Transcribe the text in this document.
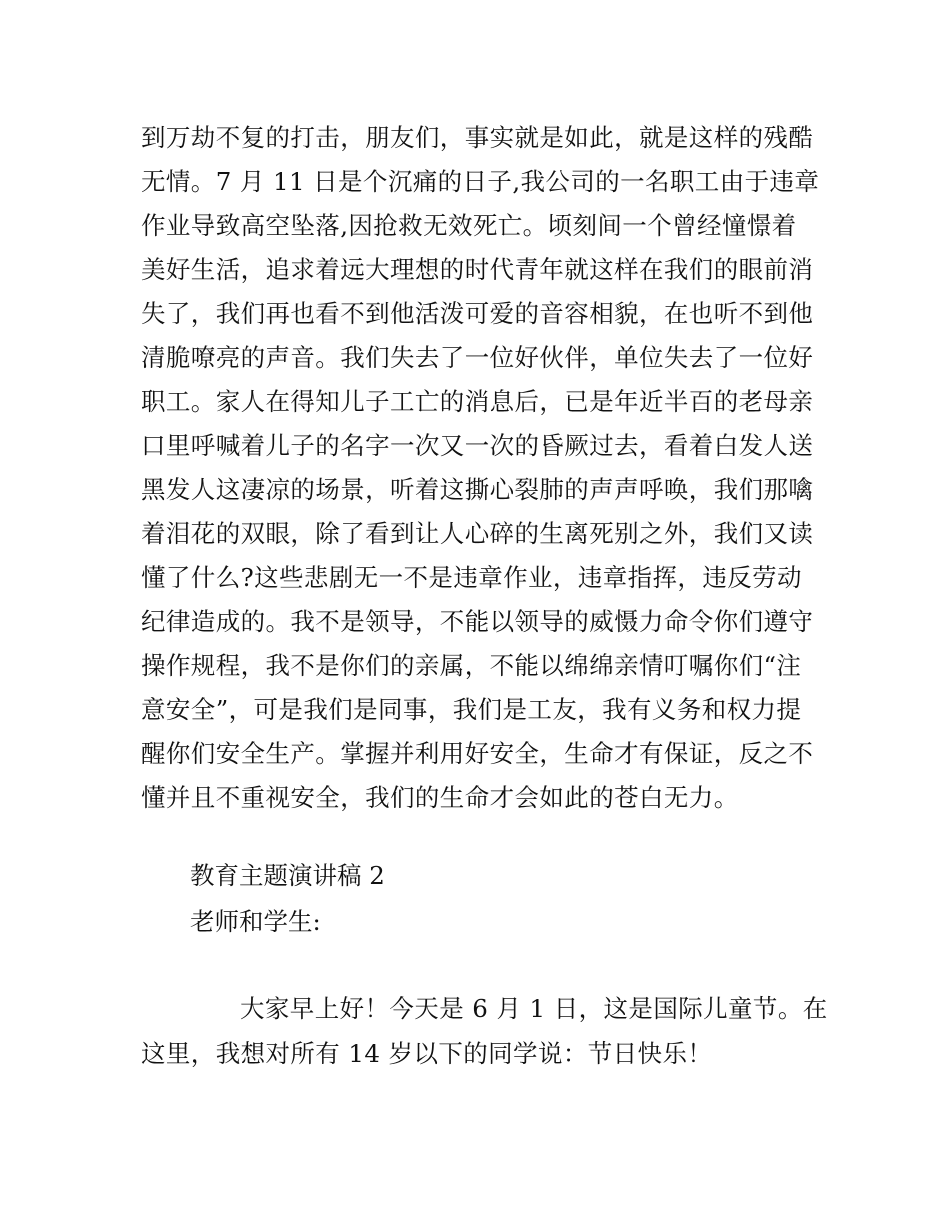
到万劫不复的打击，朋友们，事实就是如此，就是这样的残酷
无情。7 月 11 日是个沉痛的日子,我公司的一名职工由于违章
作业导致高空坠落,因抢救无效死亡。顷刻间一个曾经憧憬着
美好生活，追求着远大理想的时代青年就这样在我们的眼前消
失了，我们再也看不到他活泼可爱的音容相貌，在也听不到他
清脆嘹亮的声音。我们失去了一位好伙伴，单位失去了一位好
职工。家人在得知儿子工亡的消息后，已是年近半百的老母亲
口里呼喊着儿子的名字一次又一次的昏厥过去，看着白发人送
黑发人这凄凉的场景，听着这撕心裂肺的声声呼唤，我们那噙
着泪花的双眼，除了看到让人心碎的生离死别之外，我们又读
懂了什么?这些悲剧无一不是违章作业，违章指挥，违反劳动
纪律造成的。我不是领导，不能以领导的威慑力命令你们遵守
操作规程，我不是你们的亲属，不能以绵绵亲情叮嘱你们“注
意安全”，可是我们是同事，我们是工友，我有义务和权力提
醒你们安全生产。掌握并利用好安全，生命才有保证，反之不
懂并且不重视安全，我们的生命才会如此的苍白无力。
教育主题演讲稿 2
老师和学生:
大家早上好！今天是 6 月 1 日，这是国际儿童节。在
这里，我想对所有 14 岁以下的同学说：节日快乐！
